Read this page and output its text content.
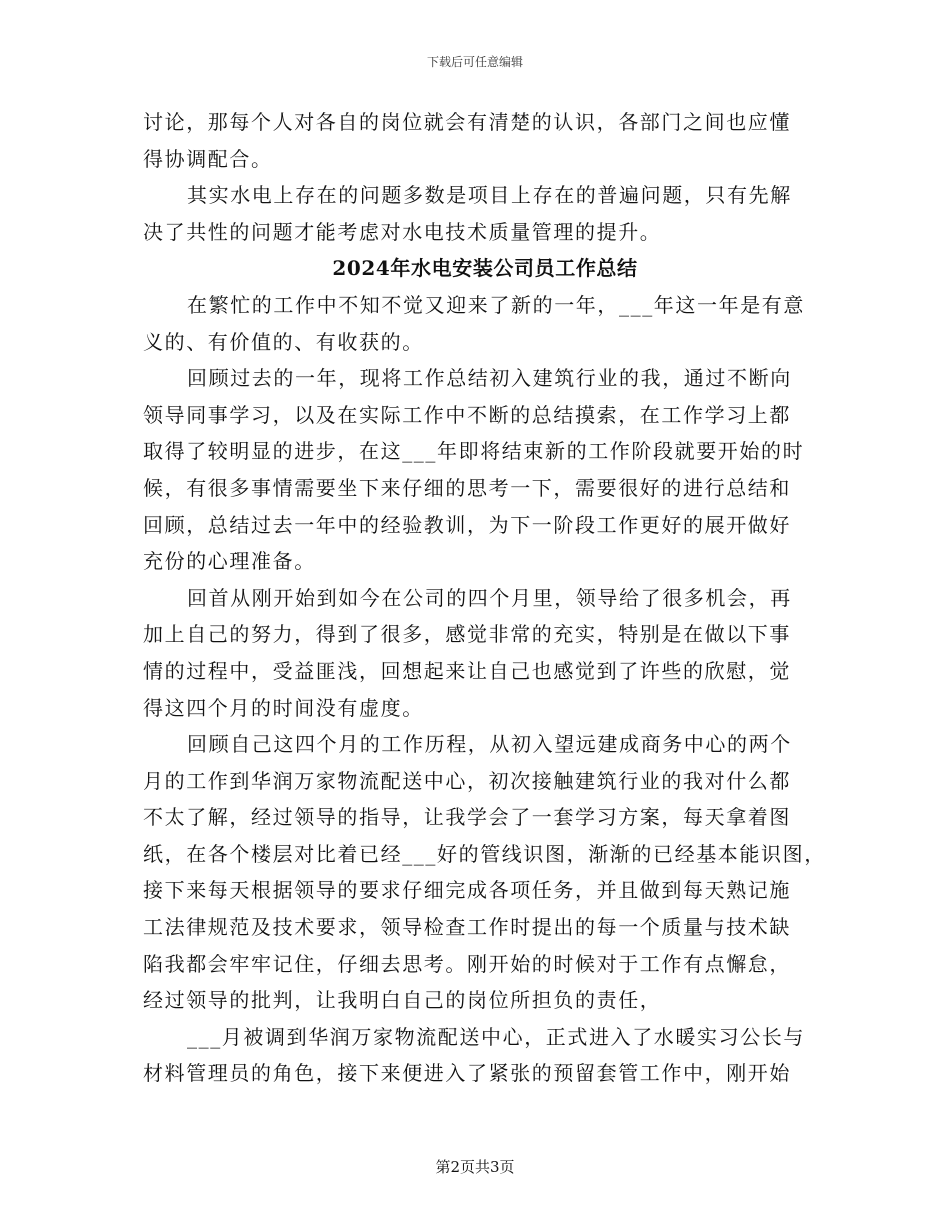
下载后可任意编辑

讨论，那每个人对各自的岗位就会有清楚的认识，各部门之间也应懂
得协调配合。

其实水电上存在的问题多数是项目上存在的普遍问题，只有先解
决了共性的问题才能考虑对水电技术质量管理的提升。

2024年水电安装公司员工作总结

在繁忙的工作中不知不觉又迎来了新的一年，___年这一年是有意
义的、有价值的、有收获的。

回顾过去的一年，现将工作总结初入建筑行业的我，通过不断向
领导同事学习，以及在实际工作中不断的总结摸索，在工作学习上都
取得了较明显的进步，在这___年即将结束新的工作阶段就要开始的时
候，有很多事情需要坐下来仔细的思考一下，需要很好的进行总结和
回顾，总结过去一年中的经验教训，为下一阶段工作更好的展开做好
充份的心理准备。

回首从刚开始到如今在公司的四个月里，领导给了很多机会，再
加上自己的努力，得到了很多，感觉非常的充实，特别是在做以下事
情的过程中，受益匪浅，回想起来让自己也感觉到了许些的欣慰，觉
得这四个月的时间没有虚度。

回顾自己这四个月的工作历程，从初入望远建成商务中心的两个
月的工作到华润万家物流配送中心，初次接触建筑行业的我对什么都
不太了解，经过领导的指导，让我学会了一套学习方案，每天拿着图
纸，在各个楼层对比着已经___好的管线识图，渐渐的已经基本能识图，
接下来每天根据领导的要求仔细完成各项任务，并且做到每天熟记施
工法律规范及技术要求，领导检查工作时提出的每一个质量与技术缺
陷我都会牢牢记住，仔细去思考。刚开始的时候对于工作有点懈怠，
经过领导的批判，让我明白自己的岗位所担负的责任，

___月被调到华润万家物流配送中心，正式进入了水暖实习公长与
材料管理员的角色，接下来便进入了紧张的预留套管工作中，刚开始

第2页共3页
